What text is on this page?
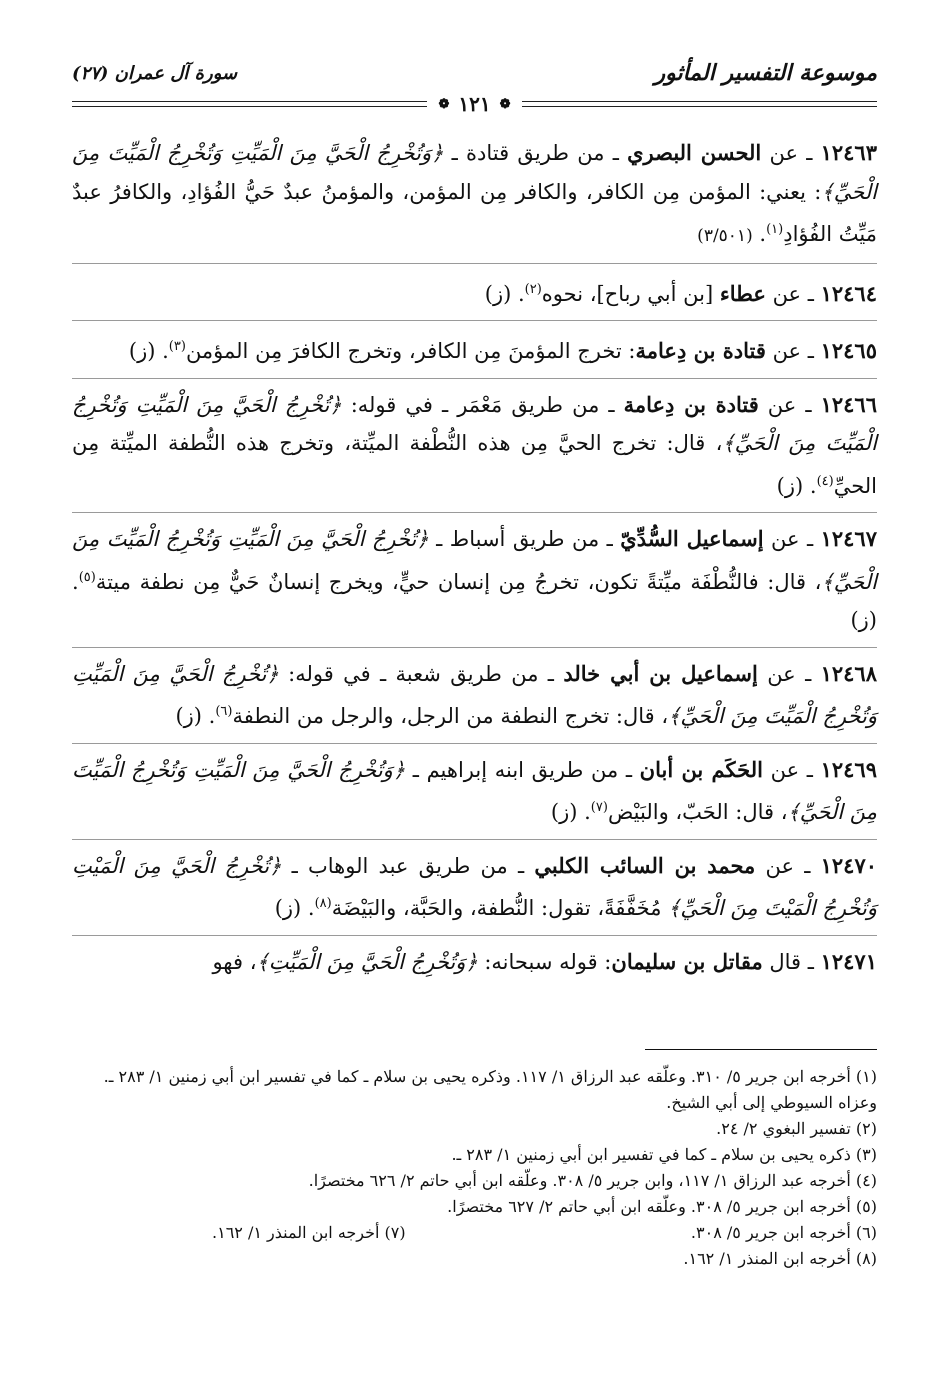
موسوعة التفسير المأثور
سورة آل عمران (٢٧)
❁
١٢١
❁

١٢٤٦٣ ـ عن الحسن البصري ـ من طريق قتادة ـ ﴿وَتُخْرِجُ الْحَيَّ مِنَ الْمَيِّتِ وَتُخْرِجُ الْمَيِّتَ مِنَ الْحَيِّ﴾: يعني: المؤمن مِن الكافر، والكافر مِن المؤمن، والمؤمنُ عبدٌ حَيُّ الفُؤادِ، والكافرُ عبدٌ مَيِّتُ الفُؤادِ$^{(١)}$. (٣/٥٠١)

١٢٤٦٤ ـ عن عطاء [بن أبي رباح]، نحوه$^{(٢)}$. (ز)

١٢٤٦٥ ـ عن قتادة بن دِعامة: تخرج المؤمنَ مِن الكافر، وتخرج الكافرَ مِن المؤمن$^{(٣)}$. (ز)

١٢٤٦٦ ـ عن قتادة بن دِعامة ـ من طريق مَعْمَر ـ في قوله: ﴿تُخْرِجُ الْحَيَّ مِنَ الْمَيِّتِ وَتُخْرِجُ الْمَيِّتَ مِنَ الْحَيِّ﴾، قال: تخرج الحيَّ مِن هذه النُّطْفة الميِّتة، وتخرج هذه النُّطفة الميِّتة مِن الحيِّ$^{(٤)}$. (ز)

١٢٤٦٧ ـ عن إسماعيل السُّدِّيّ ـ من طريق أسباط ـ ﴿تُخْرِجُ الْحَيَّ مِنَ الْمَيِّتِ وَتُخْرِجُ الْمَيِّتَ مِنَ الْحَيِّ﴾، قال: فالنُّطْفَة ميِّتةً تكون، تخرجُ مِن إنسان حيٍّ، ويخرج إنسانٌ حَيٌّ مِن نطفة ميتة$^{(٥)}$. (ز)

١٢٤٦٨ ـ عن إسماعيل بن أبي خالد ـ من طريق شعبة ـ في قوله: ﴿تُخْرِجُ الْحَيَّ مِنَ الْمَيِّتِ وَتُخْرِجُ الْمَيِّتَ مِنَ الْحَيِّ﴾، قال: تخرج النطفة من الرجل، والرجل من النطفة$^{(٦)}$. (ز)

١٢٤٦٩ ـ عن الحَكَم بن أبان ـ من طريق ابنه إبراهيم ـ ﴿وَتُخْرِجُ الْحَيَّ مِنَ الْمَيِّتِ وَتُخْرِجُ الْمَيِّتَ مِنَ الْحَيِّ﴾، قال: الحَبّ، والبَيْض$^{(٧)}$. (ز)

١٢٤٧٠ ـ عن محمد بن السائب الكلبي ـ من طريق عبد الوهاب ـ ﴿تُخْرِجُ الْحَيَّ مِنَ الْمَيْتِ وَتُخْرِجُ الْمَيْتَ مِنَ الْحَيِّ﴾ مُخَفَّفَةً، تقول: النُّطفة، والحَبَّة، والبَيْضَة$^{(٨)}$. (ز)

١٢٤٧١ ـ قال مقاتل بن سليمان: قوله سبحانه: ﴿وَتُخْرِجُ الْحَيَّ مِنَ الْمَيِّتِ﴾، فهو

(١) أخرجه ابن جرير ٥/ ٣١٠. وعلّقه عبد الرزاق ١/ ١١٧. وذكره يحيى بن سلام ـ كما في تفسير ابن أبي زمنين ١/ ٢٨٣ ـ. وعزاه السيوطي إلى أبي الشيخ.

(٢) تفسير البغوي ٢/ ٢٤.

(٣) ذكره يحيى بن سلام ـ كما في تفسير ابن أبي زمنين ١/ ٢٨٣ ـ.

(٤) أخرجه عبد الرزاق ١/ ١١٧، وابن جرير ٥/ ٣٠٨. وعلّقه ابن أبي حاتم ٢/ ٦٢٦ مختصرًا.

(٥) أخرجه ابن جرير ٥/ ٣٠٨. وعلّقه ابن أبي حاتم ٢/ ٦٢٧ مختصرًا.

(٦) أخرجه ابن جرير ٥/ ٣٠٨.
(٧) أخرجه ابن المنذر ١/ ١٦٢.

(٨) أخرجه ابن المنذر ١/ ١٦٢.
